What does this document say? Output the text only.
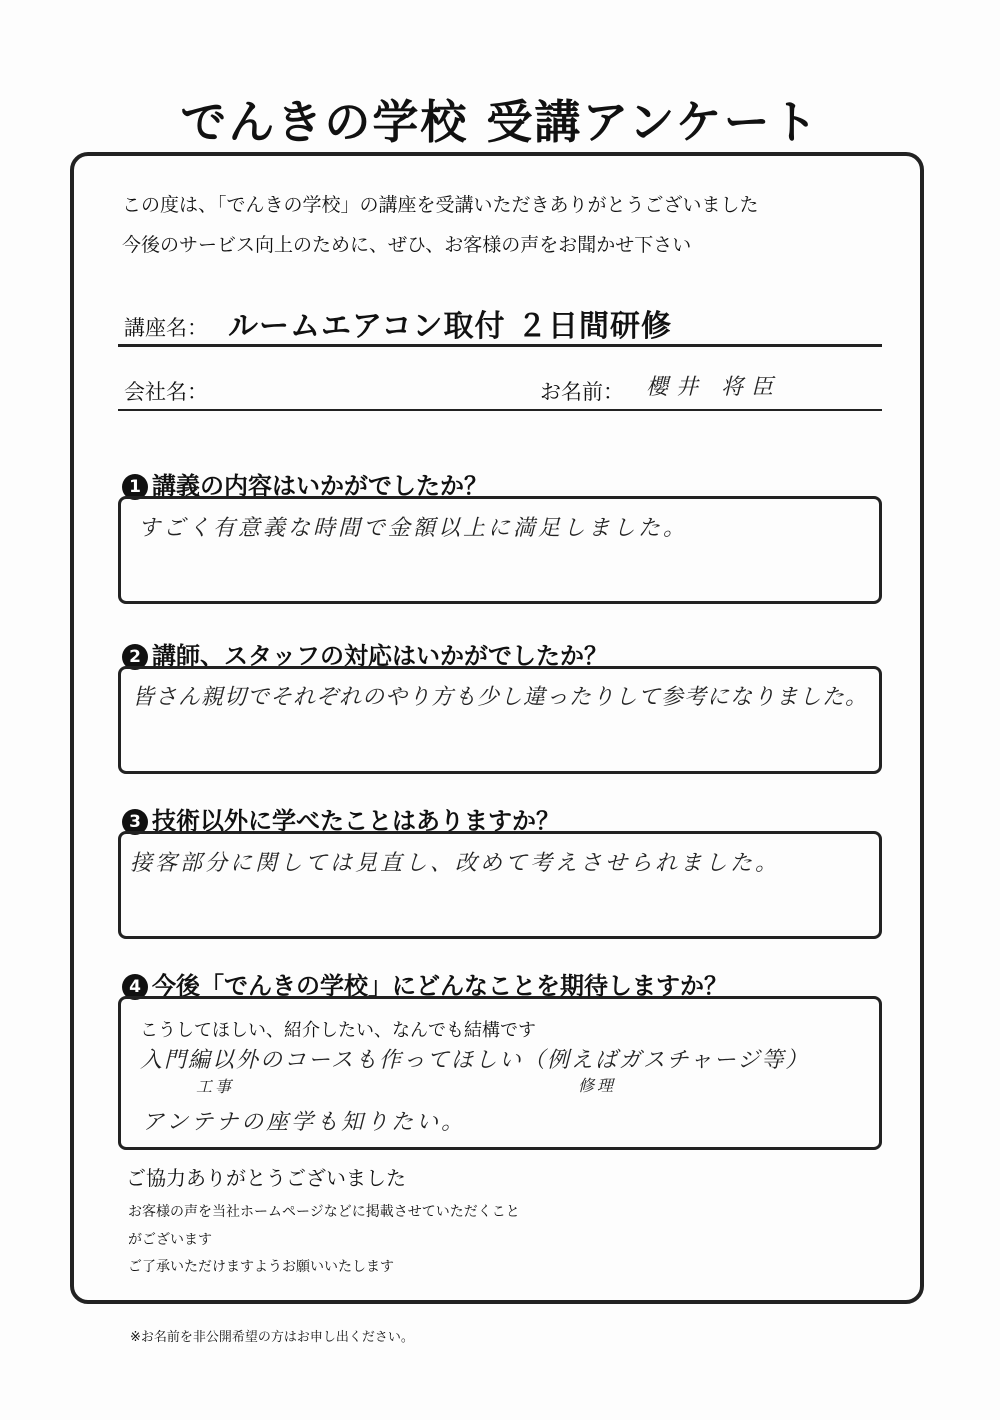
でんきの学校 受講アンケート
この度は、「でんきの学校」の講座を受講いただきありがとうございました
今後のサービス向上のために、ぜひ、お客様の声をお聞かせ下さい
講座名： ルームエアコン取付 ２日間研修
会社名：	お名前： 櫻井 将臣
1 講義の内容はいかがでしたか？
すごく有意義な時間で金額以上に満足しました。
2 講師、スタッフの対応はいかがでしたか？
皆さん親切でそれぞれのやり方も少し違ったりして参考になりました。
3 技術以外に学べたことはありますか？
接客部分に関しては見直し、改めて考えさせられました。
4 今後「でんきの学校」にどんなことを期待しますか？
こうしてほしい、紹介したい、なんでも結構です
入門編以外のコースも作ってほしい（例えばガスチャージ等）
修理
工事
アンテナの座学も知りたい。
ご協力ありがとうございました
お客様の声を当社ホームページなどに掲載させていただくこと
がございます
ご了承いただけますようお願いいたします
※お名前を非公開希望の方はお申し出ください。
